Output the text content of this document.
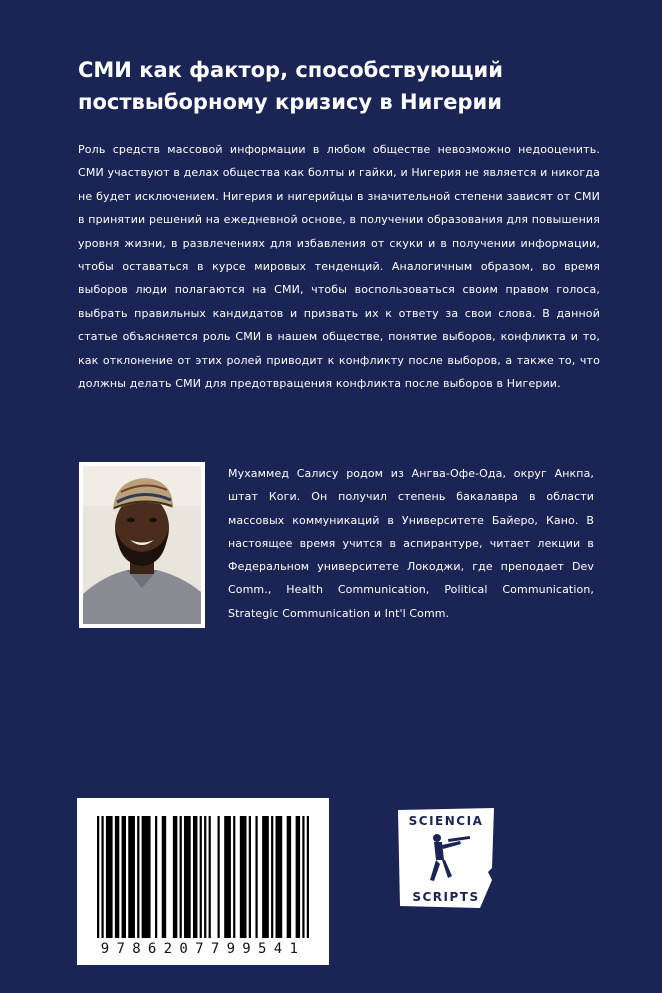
СМИ как фактор, способствующий поствыборному кризису в Нигерии

Роль средств массовой информации в любом обществе невозможно недооценить. СМИ участвуют в делах общества как болты и гайки, и Нигерия не является и никогда не будет исключением. Нигерия и нигерийцы в значительной степени зависят от СМИ в принятии решений на ежедневной основе, в получении образования для повышения уровня жизни, в развлечениях для избавления от скуки и в получении информации, чтобы оставаться в курсе мировых тенденций. Аналогичным образом, во время выборов люди полагаются на СМИ, чтобы воспользоваться своим правом голоса, выбрать правильных кандидатов и призвать их к ответу за свои слова. В данной статье объясняется роль СМИ в нашем обществе, понятие выборов, конфликта и то, как отклонение от этих ролей приводит к конфликту после выборов, а также то, что должны делать СМИ для предотвращения конфликта после выборов в Нигерии.

Мухаммед Салису родом из Ангва-Офе-Ода, округ Анкпа, штат Коги. Он получил степень бакалавра в области массовых коммуникаций в Университете Байеро, Кано. В настоящее время учится в аспирантуре, читает лекции в Федеральном университете Локоджи, где преподает Dev Comm., Health Communication, Political Communication, Strategic Communication и Int'l Comm.

9786207799541
SCIENCIA
SCRIPTS
